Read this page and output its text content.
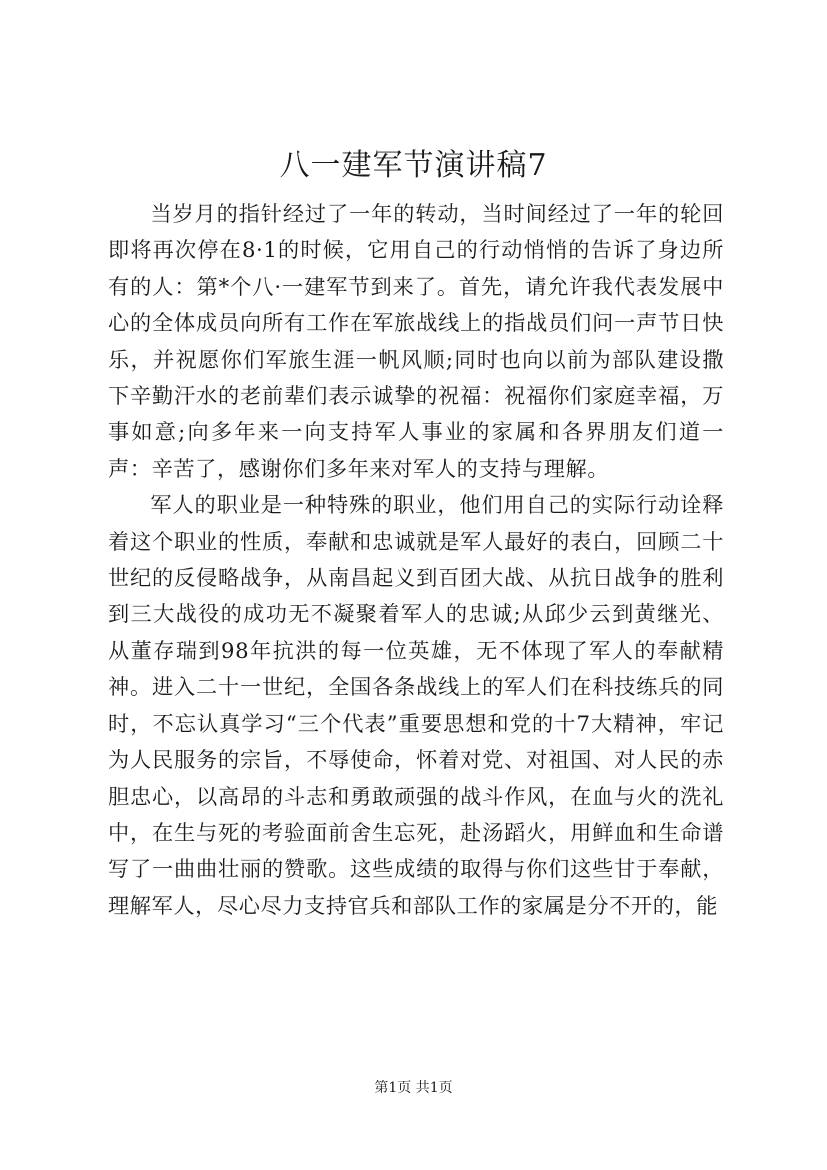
八一建军节演讲稿7

当岁月的指针经过了一年的转动，当时间经过了一年的轮回即将再次停在8·1的时候，它用自己的行动悄悄的告诉了身边所有的人：第*个八·一建军节到来了。首先，请允许我代表发展中心的全体成员向所有工作在军旅战线上的指战员们问一声节日快乐，并祝愿你们军旅生涯一帆风顺;同时也向以前为部队建设撒下辛勤汗水的老前辈们表示诚挚的祝福：祝福你们家庭幸福，万事如意;向多年来一向支持军人事业的家属和各界朋友们道一声：辛苦了，感谢你们多年来对军人的支持与理解。

军人的职业是一种特殊的职业，他们用自己的实际行动诠释着这个职业的性质，奉献和忠诚就是军人最好的表白，回顾二十世纪的反侵略战争，从南昌起义到百团大战、从抗日战争的胜利到三大战役的成功无不凝聚着军人的忠诚;从邱少云到黄继光、从董存瑞到98年抗洪的每一位英雄，无不体现了军人的奉献精神。进入二十一世纪，全国各条战线上的军人们在科技练兵的同时，不忘认真学习“三个代表”重要思想和党的十7大精神，牢记为人民服务的宗旨，不辱使命，怀着对党、对祖国、对人民的赤胆忠心，以高昂的斗志和勇敢顽强的战斗作风，在血与火的洗礼中，在生与死的考验面前舍生忘死，赴汤蹈火，用鲜血和生命谱写了一曲曲壮丽的赞歌。这些成绩的取得与你们这些甘于奉献，理解军人，尽心尽力支持官兵和部队工作的家属是分不开的，能

第1页 共1页
